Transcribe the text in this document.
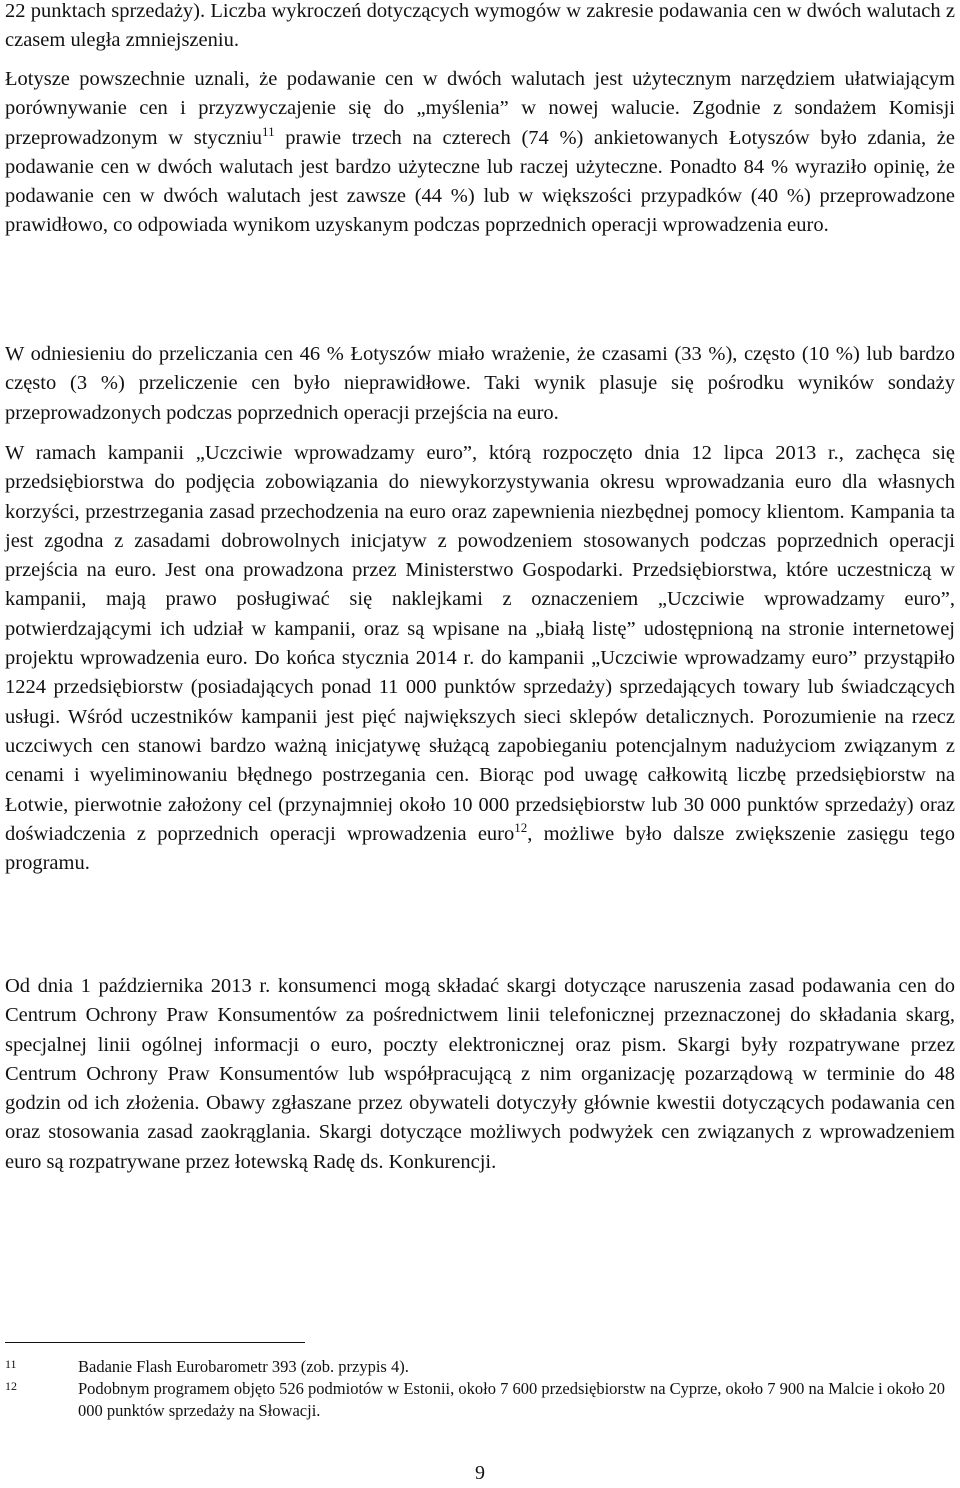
22 punktach sprzedaży). Liczba wykroczeń dotyczących wymogów w zakresie podawania cen w dwóch walutach z czasem uległa zmniejszeniu.

Łotysze powszechnie uznali, że podawanie cen w dwóch walutach jest użytecznym narzędziem ułatwiającym porównywanie cen i przyzwyczajenie się do „myślenia” w nowej walucie. Zgodnie z sondażem Komisji przeprowadzonym w styczniu$^{11}$ prawie trzech na czterech (74 %) ankietowanych Łotyszów było zdania, że podawanie cen w dwóch walutach jest bardzo użyteczne lub raczej użyteczne. Ponadto 84 % wyraziło opinię, że podawanie cen w dwóch walutach jest zawsze (44 %) lub w większości przypadków (40 %) przeprowadzone prawidłowo, co odpowiada wynikom uzyskanym podczas poprzednich operacji wprowadzenia euro.

W odniesieniu do przeliczania cen 46 % Łotyszów miało wrażenie, że czasami (33 %), często (10 %) lub bardzo często (3 %) przeliczenie cen było nieprawidłowe. Taki wynik plasuje się pośrodku wyników sondaży przeprowadzonych podczas poprzednich operacji przejścia na euro.

W ramach kampanii „Uczciwie wprowadzamy euro”, którą rozpoczęto dnia 12 lipca 2013 r., zachęca się przedsiębiorstwa do podjęcia zobowiązania do niewykorzystywania okresu wprowadzania euro dla własnych korzyści, przestrzegania zasad przechodzenia na euro oraz zapewnienia niezbędnej pomocy klientom. Kampania ta jest zgodna z zasadami dobrowolnych inicjatyw z powodzeniem stosowanych podczas poprzednich operacji przejścia na euro. Jest ona prowadzona przez Ministerstwo Gospodarki. Przedsiębiorstwa, które uczestniczą w kampanii, mają prawo posługiwać się naklejkami z oznaczeniem „Uczciwie wprowadzamy euro”, potwierdzającymi ich udział w kampanii, oraz są wpisane na „białą listę” udostępnioną na stronie internetowej projektu wprowadzenia euro. Do końca stycznia 2014 r. do kampanii „Uczciwie wprowadzamy euro” przystąpiło 1224 przedsiębiorstw (posiadających ponad 11 000 punktów sprzedaży) sprzedających towary lub świadczących usługi. Wśród uczestników kampanii jest pięć największych sieci sklepów detalicznych. Porozumienie na rzecz uczciwych cen stanowi bardzo ważną inicjatywę służącą zapobieganiu potencjalnym nadużyciom związanym z cenami i wyeliminowaniu błędnego postrzegania cen. Biorąc pod uwagę całkowitą liczbę przedsiębiorstw na Łotwie, pierwotnie założony cel (przynajmniej około 10 000 przedsiębiorstw lub 30 000 punktów sprzedaży) oraz doświadczenia z poprzednich operacji wprowadzenia euro$^{12}$, możliwe było dalsze zwiększenie zasięgu tego programu.

Od dnia 1 października 2013 r. konsumenci mogą składać skargi dotyczące naruszenia zasad podawania cen do Centrum Ochrony Praw Konsumentów za pośrednictwem linii telefonicznej przeznaczonej do składania skarg, specjalnej linii ogólnej informacji o euro, poczty elektronicznej oraz pism. Skargi były rozpatrywane przez Centrum Ochrony Praw Konsumentów lub współpracującą z nim organizację pozarządową w terminie do 48 godzin od ich złożenia. Obawy zgłaszane przez obywateli dotyczyły głównie kwestii dotyczących podawania cen oraz stosowania zasad zaokrąglania. Skargi dotyczące możliwych podwyżek cen związanych z wprowadzeniem euro są rozpatrywane przez łotewską Radę ds. Konkurencji.

11	Badanie Flash Eurobarometr 393 (zob. przypis 4).
12	Podobnym programem objęto 526 podmiotów w Estonii, około 7 600 przedsiębiorstw na Cyprze, około 7 900 na Malcie i około 20 000 punktów sprzedaży na Słowacji.
9
